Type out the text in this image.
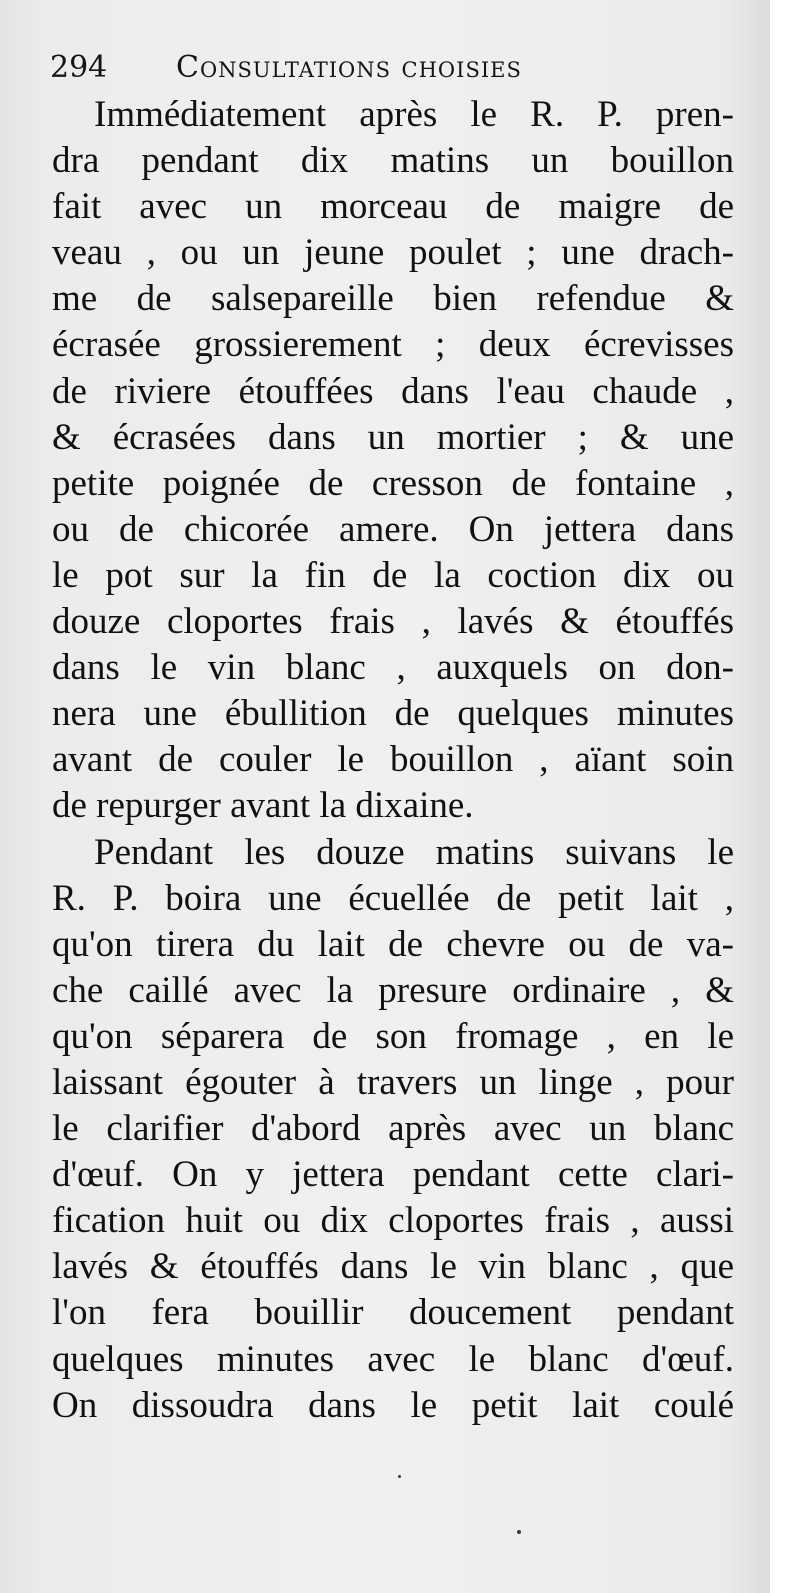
294 Consultations choisies
Immédiatement après le R. P. pren-
dra pendant dix matins un bouillon
fait avec un morceau de maigre de
veau , ou un jeune poulet ; une drach-
me de salsepareille bien refendue &
écrasée grossierement ; deux écrevisses
de riviere étouffées dans l'eau chaude ,
& écrasées dans un mortier ; & une
petite poignée de cresson de fontaine ,
ou de chicorée amere. On jettera dans
le pot sur la fin de la coction dix ou
douze cloportes frais , lavés & étouffés
dans le vin blanc , auxquels on don-
nera une ébullition de quelques minutes
avant de couler le bouillon , aïant soin
de repurger avant la dixaine.
Pendant les douze matins suivans le
R. P. boira une écuellée de petit lait ,
qu'on tirera du lait de chevre ou de va-
che caillé avec la presure ordinaire , &
qu'on séparera de son fromage , en le
laissant égouter à travers un linge , pour
le clarifier d'abord après avec un blanc
d'œuf. On y jettera pendant cette clari-
fication huit ou dix cloportes frais , aussi
lavés & étouffés dans le vin blanc , que
l'on fera bouillir doucement pendant
quelques minutes avec le blanc d'œuf.
On dissoudra dans le petit lait coulé
